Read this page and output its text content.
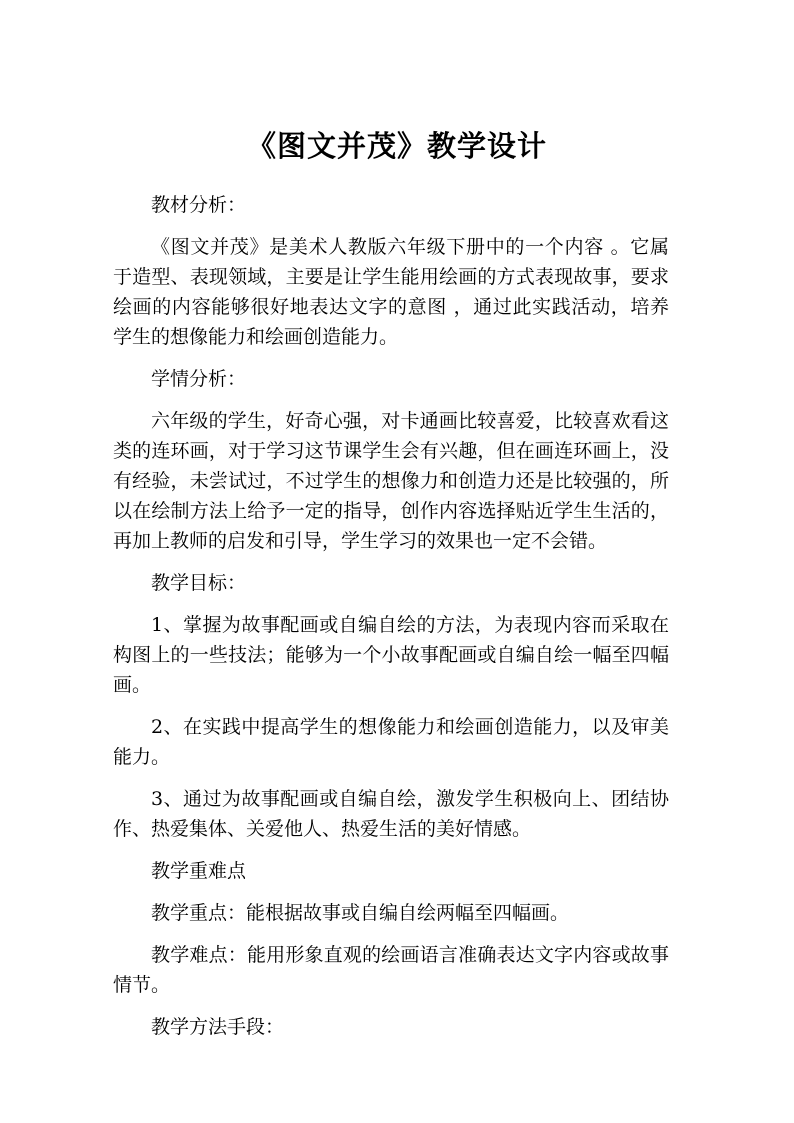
《图文并茂》教学设计

教材分析：

《图文并茂》是美术人教版六年级下册中的一个内容 。它属于造型、表现领域，主要是让学生能用绘画的方式表现故事，要求绘画的内容能够很好地表达文字的意图 ，通过此实践活动，培养学生的想像能力和绘画创造能力。

学情分析：

六年级的学生，好奇心强，对卡通画比较喜爱，比较喜欢看这类的连环画，对于学习这节课学生会有兴趣，但在画连环画上，没有经验，未尝试过，不过学生的想像力和创造力还是比较强的，所以在绘制方法上给予一定的指导，创作内容选择贴近学生生活的，再加上教师的启发和引导，学生学习的效果也一定不会错。

教学目标：

1、掌握为故事配画或自编自绘的方法，为表现内容而采取在构图上的一些技法；能够为一个小故事配画或自编自绘一幅至四幅画。

2、在实践中提高学生的想像能力和绘画创造能力，以及审美能力。

3、通过为故事配画或自编自绘，激发学生积极向上、团结协作、热爱集体、关爱他人、热爱生活的美好情感。

教学重难点

教学重点：能根据故事或自编自绘两幅至四幅画。

教学难点：能用形象直观的绘画语言准确表达文字内容或故事情节。

教学方法手段：
